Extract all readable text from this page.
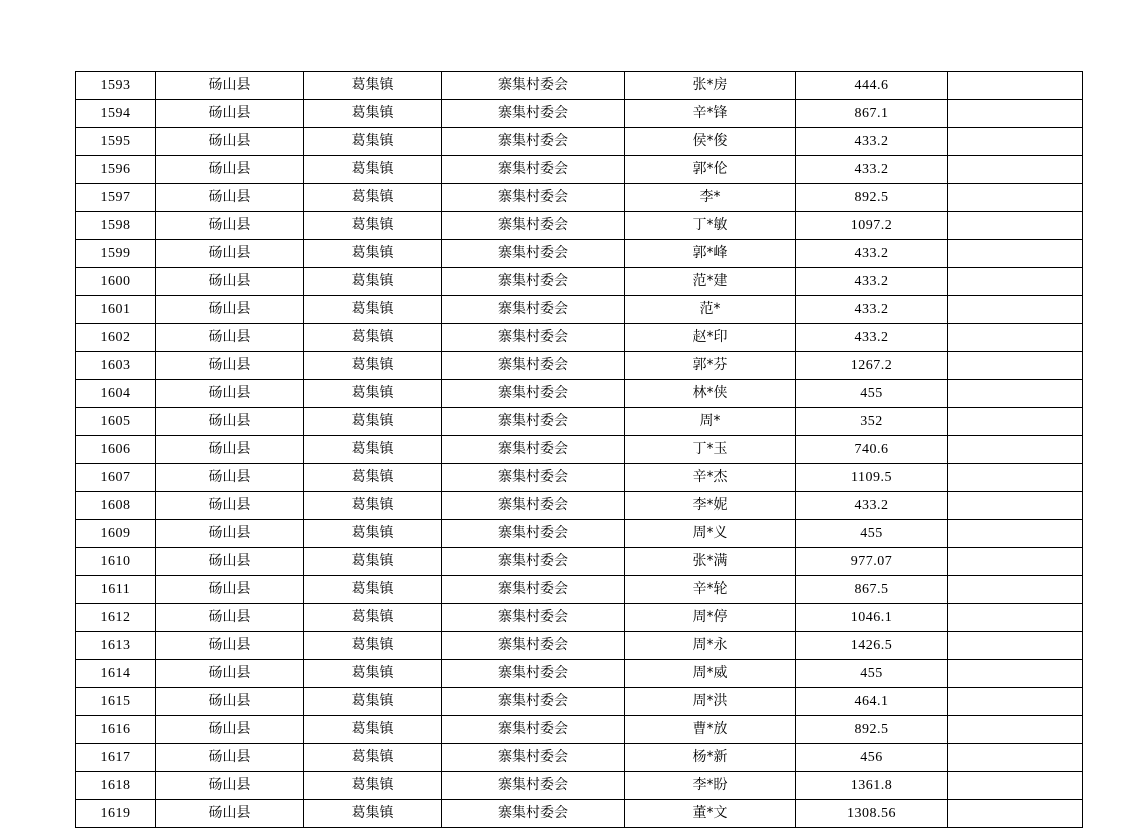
1593	砀山县	葛集镇	寨集村委会	张*房	444.6	
1594	砀山县	葛集镇	寨集村委会	辛*锋	867.1	
1595	砀山县	葛集镇	寨集村委会	侯*俊	433.2	
1596	砀山县	葛集镇	寨集村委会	郭*伦	433.2	
1597	砀山县	葛集镇	寨集村委会	李*	892.5	
1598	砀山县	葛集镇	寨集村委会	丁*敏	1097.2	
1599	砀山县	葛集镇	寨集村委会	郭*峰	433.2	
1600	砀山县	葛集镇	寨集村委会	范*建	433.2	
1601	砀山县	葛集镇	寨集村委会	范*	433.2	
1602	砀山县	葛集镇	寨集村委会	赵*印	433.2	
1603	砀山县	葛集镇	寨集村委会	郭*芬	1267.2	
1604	砀山县	葛集镇	寨集村委会	林*侠	455	
1605	砀山县	葛集镇	寨集村委会	周*	352	
1606	砀山县	葛集镇	寨集村委会	丁*玉	740.6	
1607	砀山县	葛集镇	寨集村委会	辛*杰	1109.5	
1608	砀山县	葛集镇	寨集村委会	李*妮	433.2	
1609	砀山县	葛集镇	寨集村委会	周*义	455	
1610	砀山县	葛集镇	寨集村委会	张*满	977.07	
1611	砀山县	葛集镇	寨集村委会	辛*轮	867.5	
1612	砀山县	葛集镇	寨集村委会	周*停	1046.1	
1613	砀山县	葛集镇	寨集村委会	周*永	1426.5	
1614	砀山县	葛集镇	寨集村委会	周*威	455	
1615	砀山县	葛集镇	寨集村委会	周*洪	464.1	
1616	砀山县	葛集镇	寨集村委会	曹*放	892.5	
1617	砀山县	葛集镇	寨集村委会	杨*新	456	
1618	砀山县	葛集镇	寨集村委会	李*盼	1361.8	
1619	砀山县	葛集镇	寨集村委会	董*文	1308.56	
